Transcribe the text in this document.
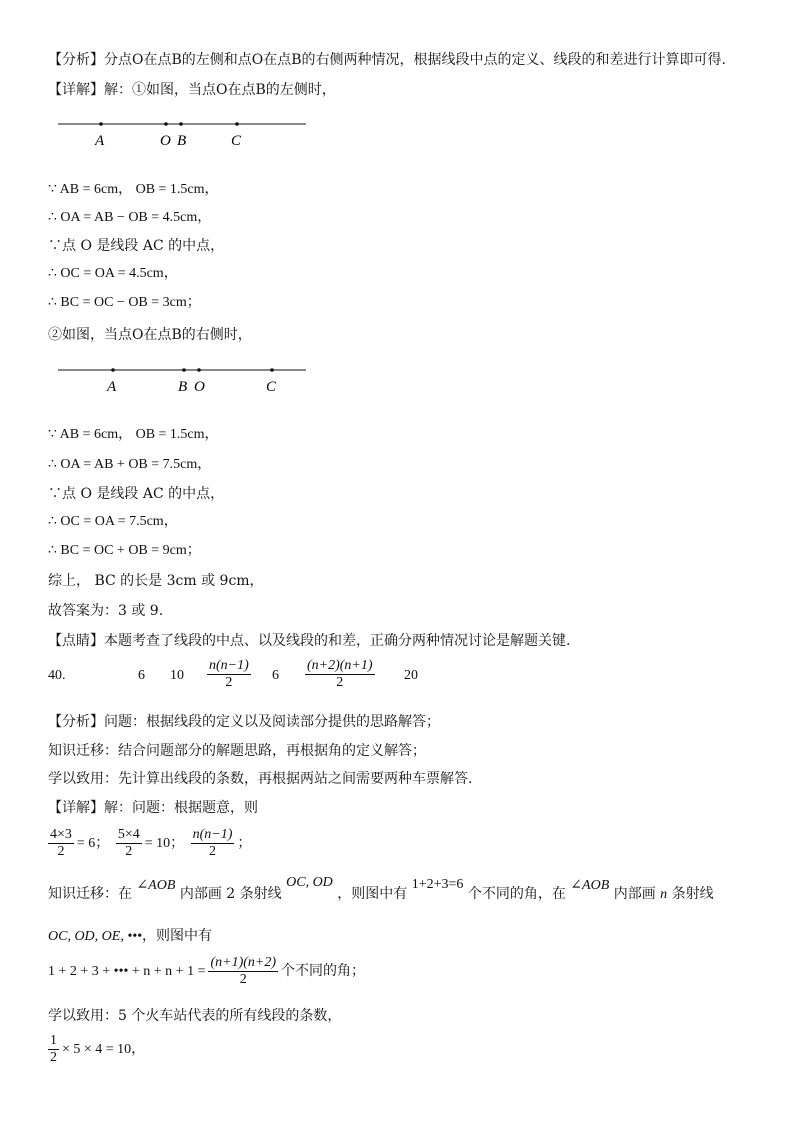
【分析】分点O在点B的左侧和点O在点B的右侧两种情况，根据线段中点的定义、线段的和差进行计算即可得.
【详解】解：①如图，当点O在点B的左侧时，
A	O B	C
∵ AB = 6cm， OB = 1.5cm，
∴ OA = AB − OB = 4.5cm，
∵点 O 是线段 AC 的中点，
∴ OC = OA = 4.5cm，
∴ BC = OC − OB = 3cm；
②如图，当点O在点B的右侧时，
A	B O	C
∵ AB = 6cm， OB = 1.5cm，
∴ OA = AB + OB = 7.5cm，
∵点 O 是线段 AC 的中点，
∴ OC = OA = 7.5cm，
∴ BC = OC + OB = 9cm；
综上， BC 的长是 3cm 或 9cm，
故答案为：3 或 9.
【点睛】本题考查了线段的中点、以及线段的和差，正确分两种情况讨论是解题关键.
40.	6 $10 \frac{n(n-1)}{2} 6 \frac{(n+2)(n+1)}{2} 20$
【分析】问题：根据线段的定义以及阅读部分提供的思路解答；
知识迁移：结合问题部分的解题思路，再根据角的定义解答；
学以致用：先计算出线段的条数，再根据两站之间需要两种车票解答.
【详解】解：问题：根据题意，则
$\frac{4\times 3}{2} = 6$； $\frac{5\times 4}{2} = 10$； $\frac{n(n-1)}{2}$ ；
知识迁移：在 ∠AOB 内部画 2 条射线 OC, OD ，则图中有 1+2+3=6 个不同的角，在 ∠AOB 内部画 n 条射线
OC, OD, OE, •••，则图中有
1 + 2 + 3 + ••• + $n + n + 1 = \frac{(n+1)(n+2)}{2}$ 个不同的角；
学以致用：5 个火车站代表的所有线段的条数，
$\frac{1}{2} \times 5 \times 4 = 10$，
